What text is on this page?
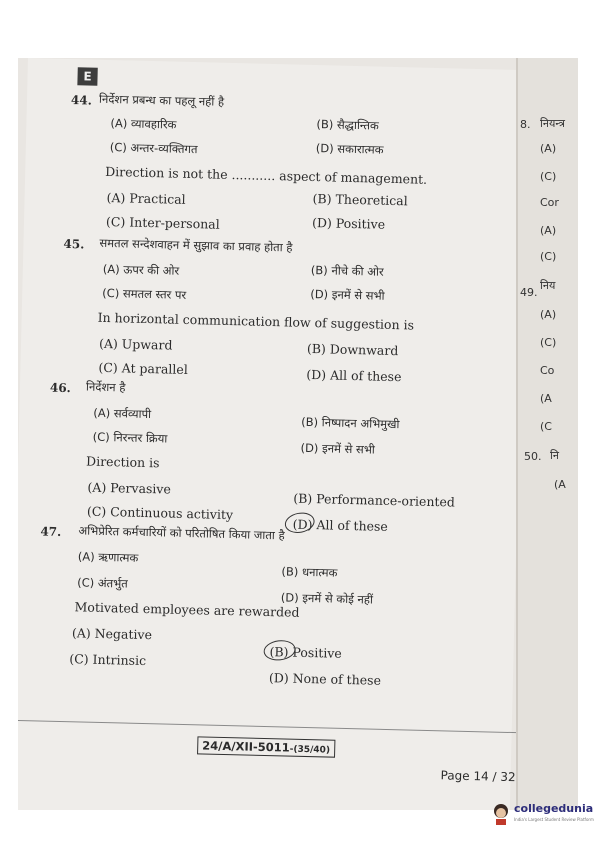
E
44. निर्देशन प्रबन्ध का पहलू नहीं है
(A) व्यावहारिक	(B) सैद्धान्तिक
(C) अन्तर-व्यक्तिगत	(D) सकारात्मक
Direction is not the ........... aspect of management.
(A) Practical	(B) Theoretical
(C) Inter-personal	(D) Positive
45. समतल सन्देशवाहन में सुझाव का प्रवाह होता है
(A) ऊपर की ओर	(B) नीचे की ओर
(C) समतल स्तर पर	(D) इनमें से सभी
In horizontal communication flow of suggestion is
(A) Upward	(B) Downward
(C) At parallel	(D) All of these
46. निर्देशन है
(A) सर्वव्यापी
(B) निष्पादन अभिमुखी
(C) निरन्तर क्रिया
(D) इनमें से सभी
Direction is
(A) Pervasive
(B) Performance-oriented
(C) Continuous activity
(D) All of these
47. अभिप्रेरित कर्मचारियों को परितोषित किया जाता है
(A) ऋणात्मक
(B) धनात्मक
(C) अंतर्भुत
(D) इनमें से कोई नहीं
Motivated employees are rewarded
(A) Negative
(B) Positive
(C) Intrinsic
(D) None of these
24/A/XII-5011-(35/40)
Page 14 / 32
8. नियन्त्र
(A)
(C)
Cor
(A)
(C)
49.
निय
(A)
(C)
Co
(A
(C
50. नि
(A
collegedunia
India's Largest Student Review Platform
